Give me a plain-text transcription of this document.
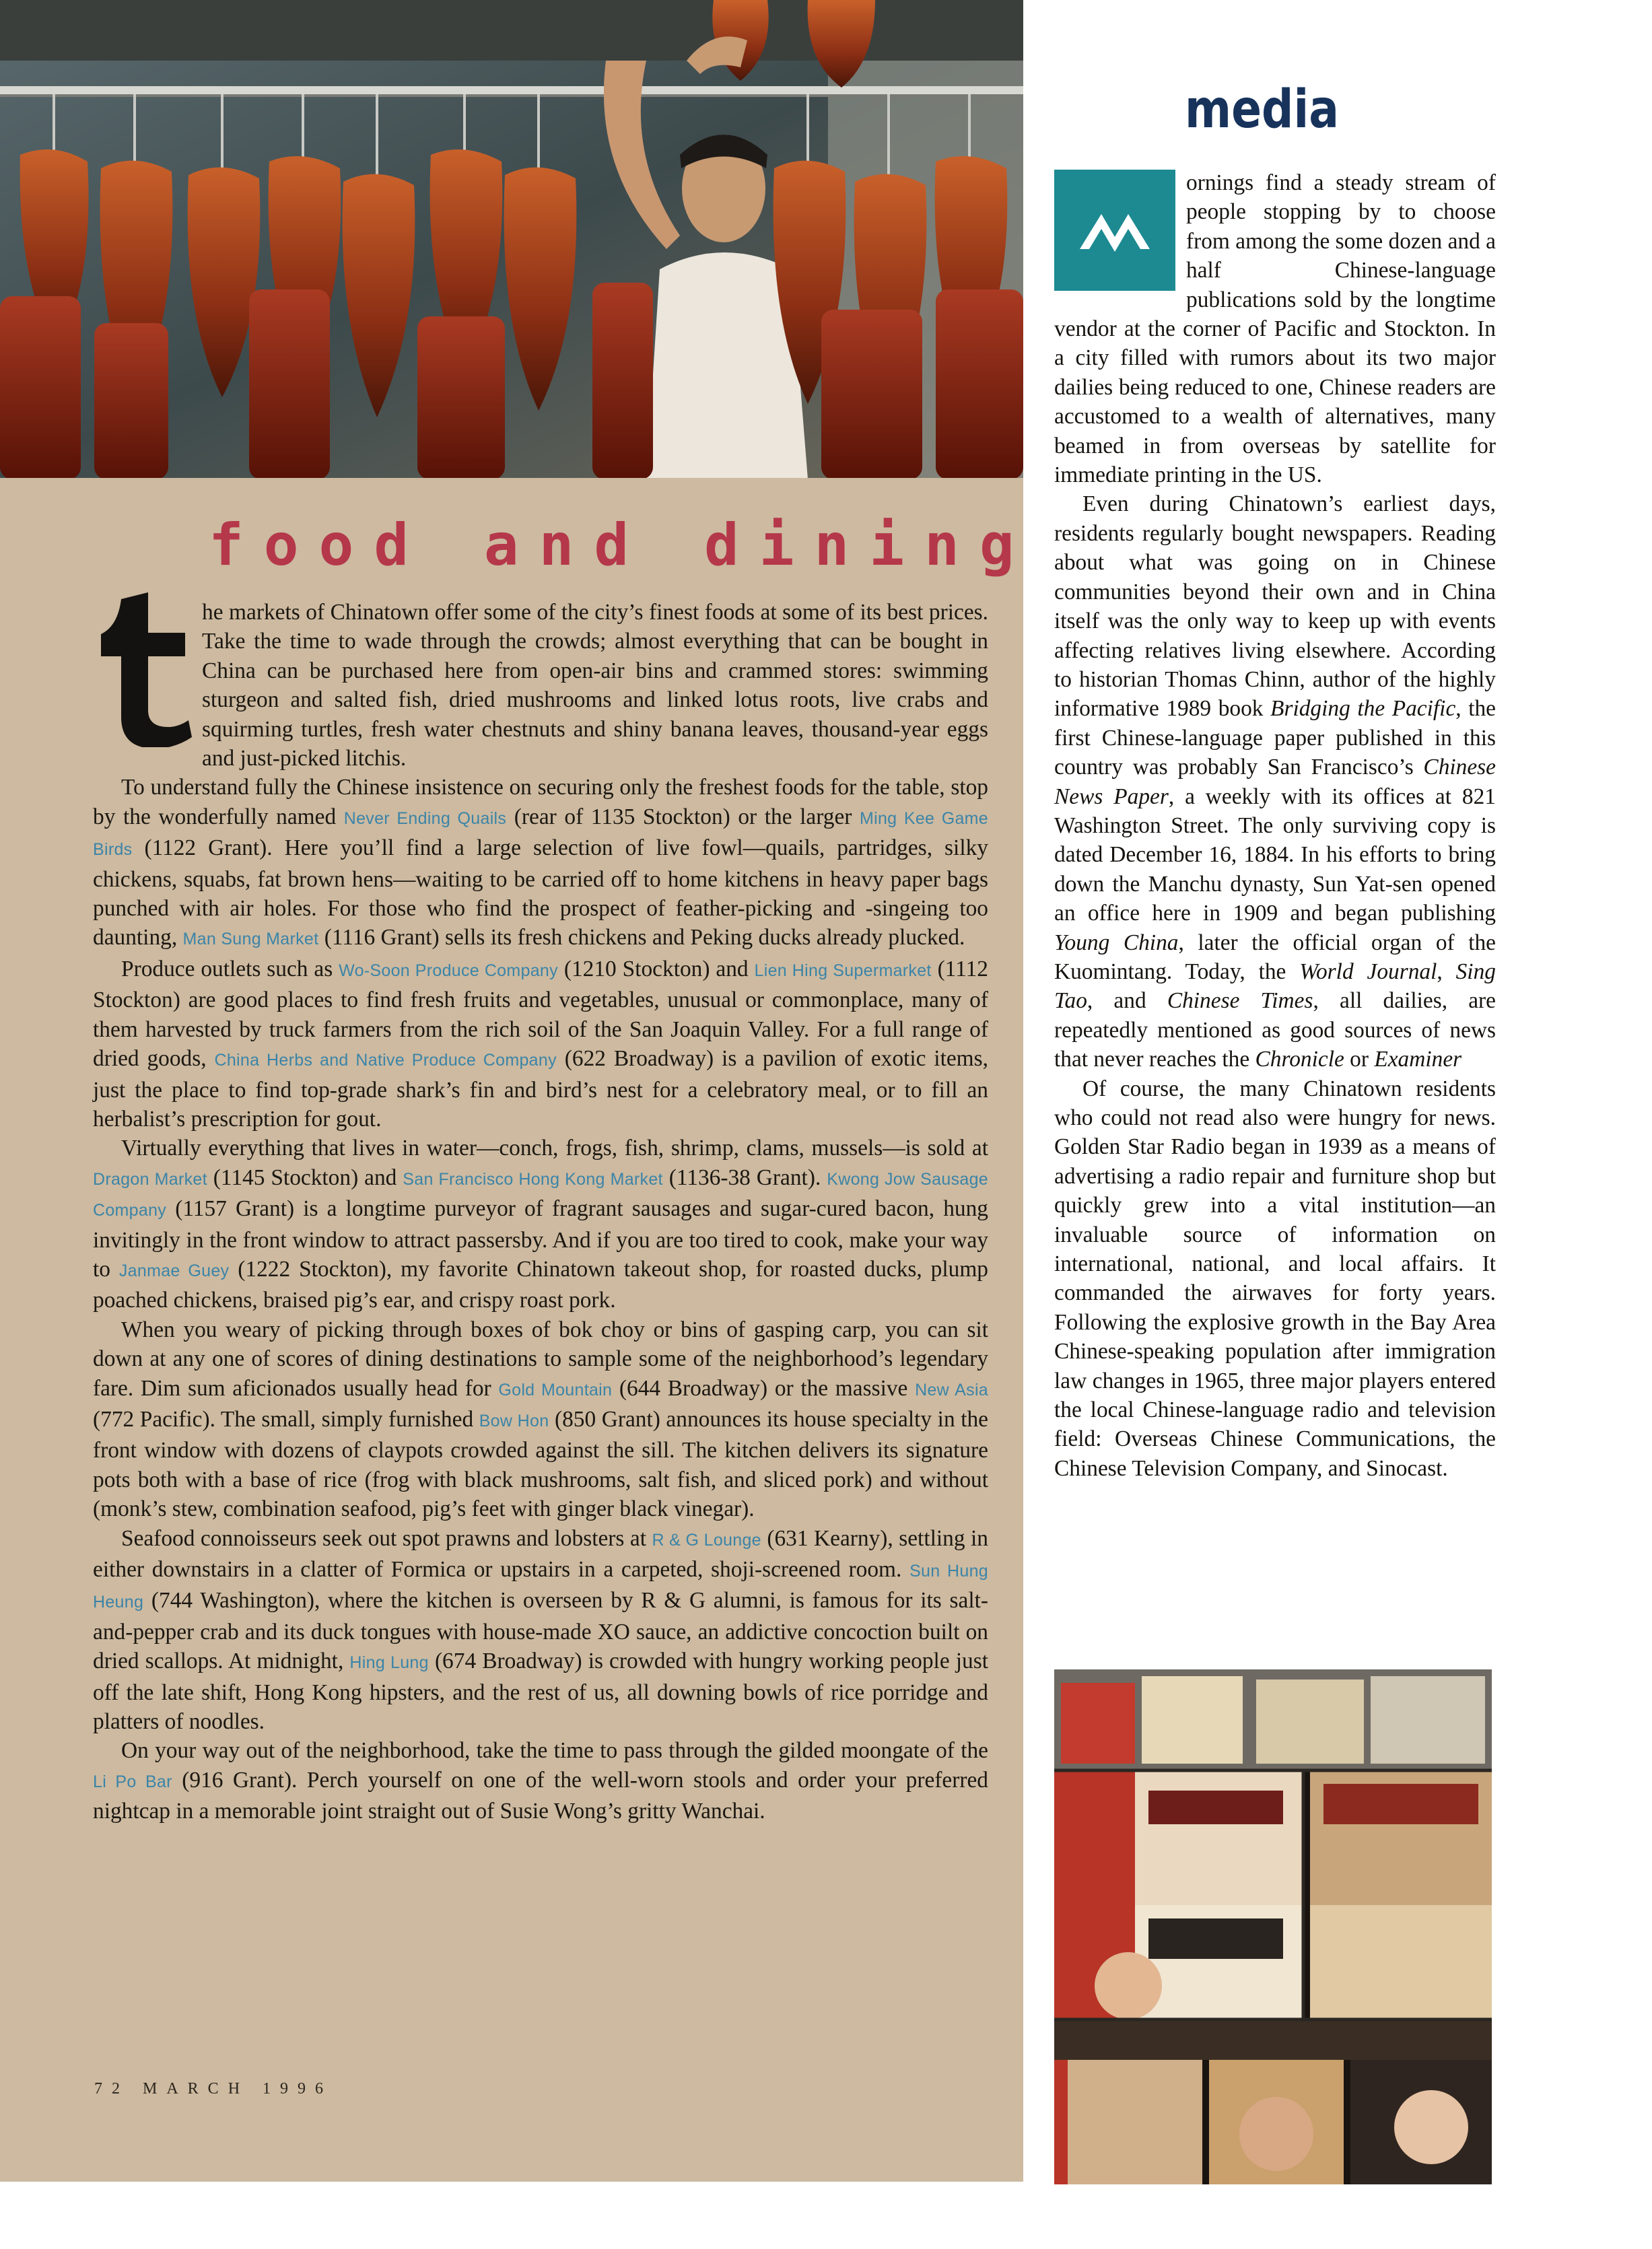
food and dining

he markets of Chinatown offer some of the city’s finest foods at some of its best prices. Take the time to wade through the crowds; almost everything that can be bought in China can be purchased here from open-air bins and crammed stores: swimming sturgeon and salted fish, dried mushrooms and linked lotus roots, live crabs and squirming turtles, fresh water chestnuts and shiny banana leaves, thousand-year eggs and just-picked litchis.

To understand fully the Chinese insistence on securing only the freshest foods for the table, stop by the wonderfully named Never Ending Quails (rear of 1135 Stockton) or the larger Ming Kee Game Birds (1122 Grant). Here you’ll find a large selection of live fowl—quails, partridges, silky chickens, squabs, fat brown hens—waiting to be carried off to home kitchens in heavy paper bags punched with air holes. For those who find the prospect of feather-picking and -singeing too daunting, Man Sung Market (1116 Grant) sells its fresh chickens and Peking ducks already plucked.

Produce outlets such as Wo-Soon Produce Company (1210 Stockton) and Lien Hing Supermarket (1112 Stockton) are good places to find fresh fruits and vegetables, unusual or commonplace, many of them harvested by truck farmers from the rich soil of the San Joaquin Valley. For a full range of dried goods, China Herbs and Native Produce Company (622 Broadway) is a pavilion of exotic items, just the place to find top-grade shark’s fin and bird’s nest for a celebratory meal, or to fill an herbalist’s prescription for gout.

Virtually everything that lives in water—conch, frogs, fish, shrimp, clams, mussels—is sold at Dragon Market (1145 Stockton) and San Francisco Hong Kong Market (1136-38 Grant). Kwong Jow Sausage Company (1157 Grant) is a longtime purveyor of fragrant sausages and sugar-cured bacon, hung invitingly in the front window to attract passersby. And if you are too tired to cook, make your way to Janmae Guey (1222 Stockton), my favorite Chinatown takeout shop, for roasted ducks, plump poached chickens, braised pig’s ear, and crispy roast pork.

When you weary of picking through boxes of bok choy or bins of gasping carp, you can sit down at any one of scores of dining destinations to sample some of the neighborhood’s legendary fare. Dim sum aficionados usually head for Gold Mountain (644 Broadway) or the massive New Asia (772 Pacific). The small, simply furnished Bow Hon (850 Grant) announces its house specialty in the front window with dozens of claypots crowded against the sill. The kitchen delivers its signature pots both with a base of rice (frog with black mushrooms, salt fish, and sliced pork) and without (monk’s stew, combination seafood, pig’s feet with ginger black vinegar).

Seafood connoisseurs seek out spot prawns and lobsters at R & G Lounge (631 Kearny), settling in either downstairs in a clatter of Formica or upstairs in a carpeted, shoji-screened room. Sun Hung Heung (744 Washington), where the kitchen is overseen by R & G alumni, is famous for its salt-and-pepper crab and its duck tongues with house-made XO sauce, an addictive concoction built on dried scallops. At midnight, Hing Lung (674 Broadway) is crowded with hungry working people just off the late shift, Hong Kong hipsters, and the rest of us, all downing bowls of rice porridge and platters of noodles.

On your way out of the neighborhood, take the time to pass through the gilded moongate of the Li Po Bar (916 Grant). Perch yourself on one of the well-worn stools and order your preferred nightcap in a memorable joint straight out of Susie Wong’s gritty Wanchai.

72 MARCH 1996
media

ornings find a steady stream of people stopping by to choose from among the some dozen and a half Chinese-language publications sold by the longtime vendor at the corner of Pacific and Stockton. In a city filled with rumors about its two major dailies being reduced to one, Chinese readers are accustomed to a wealth of alternatives, many beamed in from overseas by satellite for immediate printing in the US.

Even during Chinatown’s earliest days, residents regularly bought newspapers. Reading about what was going on in Chinese communities beyond their own and in China itself was the only way to keep up with events affecting relatives living elsewhere. According to historian Thomas Chinn, author of the highly informative 1989 book Bridging the Pacific, the first Chinese-language paper published in this country was probably San Francisco’s Chinese News Paper, a weekly with its offices at 821 Washington Street. The only surviving copy is dated December 16, 1884. In his efforts to bring down the Manchu dynasty, Sun Yat-sen opened an office here in 1909 and began publishing Young China, later the official organ of the Kuomintang. Today, the World Journal, Sing Tao, and Chinese Times, all dailies, are repeatedly mentioned as good sources of news that never reaches the Chronicle or Examiner

Of course, the many Chinatown residents who could not read also were hungry for news. Golden Star Radio began in 1939 as a means of advertising a radio repair and furniture shop but quickly grew into a vital institution—an invaluable source of information on international, national, and local affairs. It commanded the airwaves for forty years. Following the explosive growth in the Bay Area Chinese-speaking population after immigration law changes in 1965, three major players entered the local Chinese-language radio and television field: Overseas Chinese Communications, the Chinese Television Company, and Sinocast.
